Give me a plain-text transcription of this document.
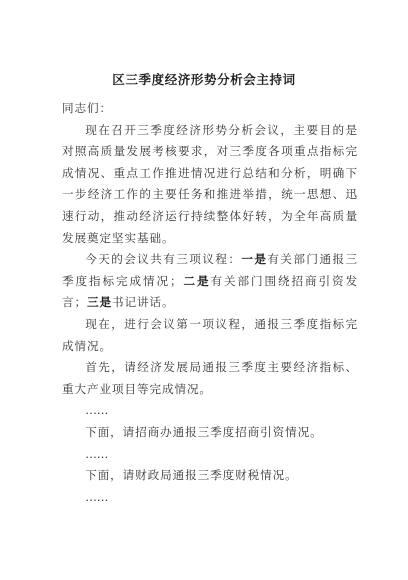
区三季度经济形势分析会主持词

同志们：

现在召开三季度经济形势分析会议，主要目的是对照高质量发展考核要求，对三季度各项重点指标完成情况、重点工作推进情况进行总结和分析，明确下一步经济工作的主要任务和推进举措，统一思想、迅速行动，推动经济运行持续整体好转，为全年高质量发展奠定坚实基础。

今天的会议共有三项议程：一是有关部门通报三季度指标完成情况；二是有关部门围绕招商引资发言；三是书记讲话。

现在，进行会议第一项议程，通报三季度指标完成情况。

首先，请经济发展局通报三季度主要经济指标、重大产业项目等完成情况。

……

下面，请招商办通报三季度招商引资情况。

……

下面，请财政局通报三季度财税情况。

……
